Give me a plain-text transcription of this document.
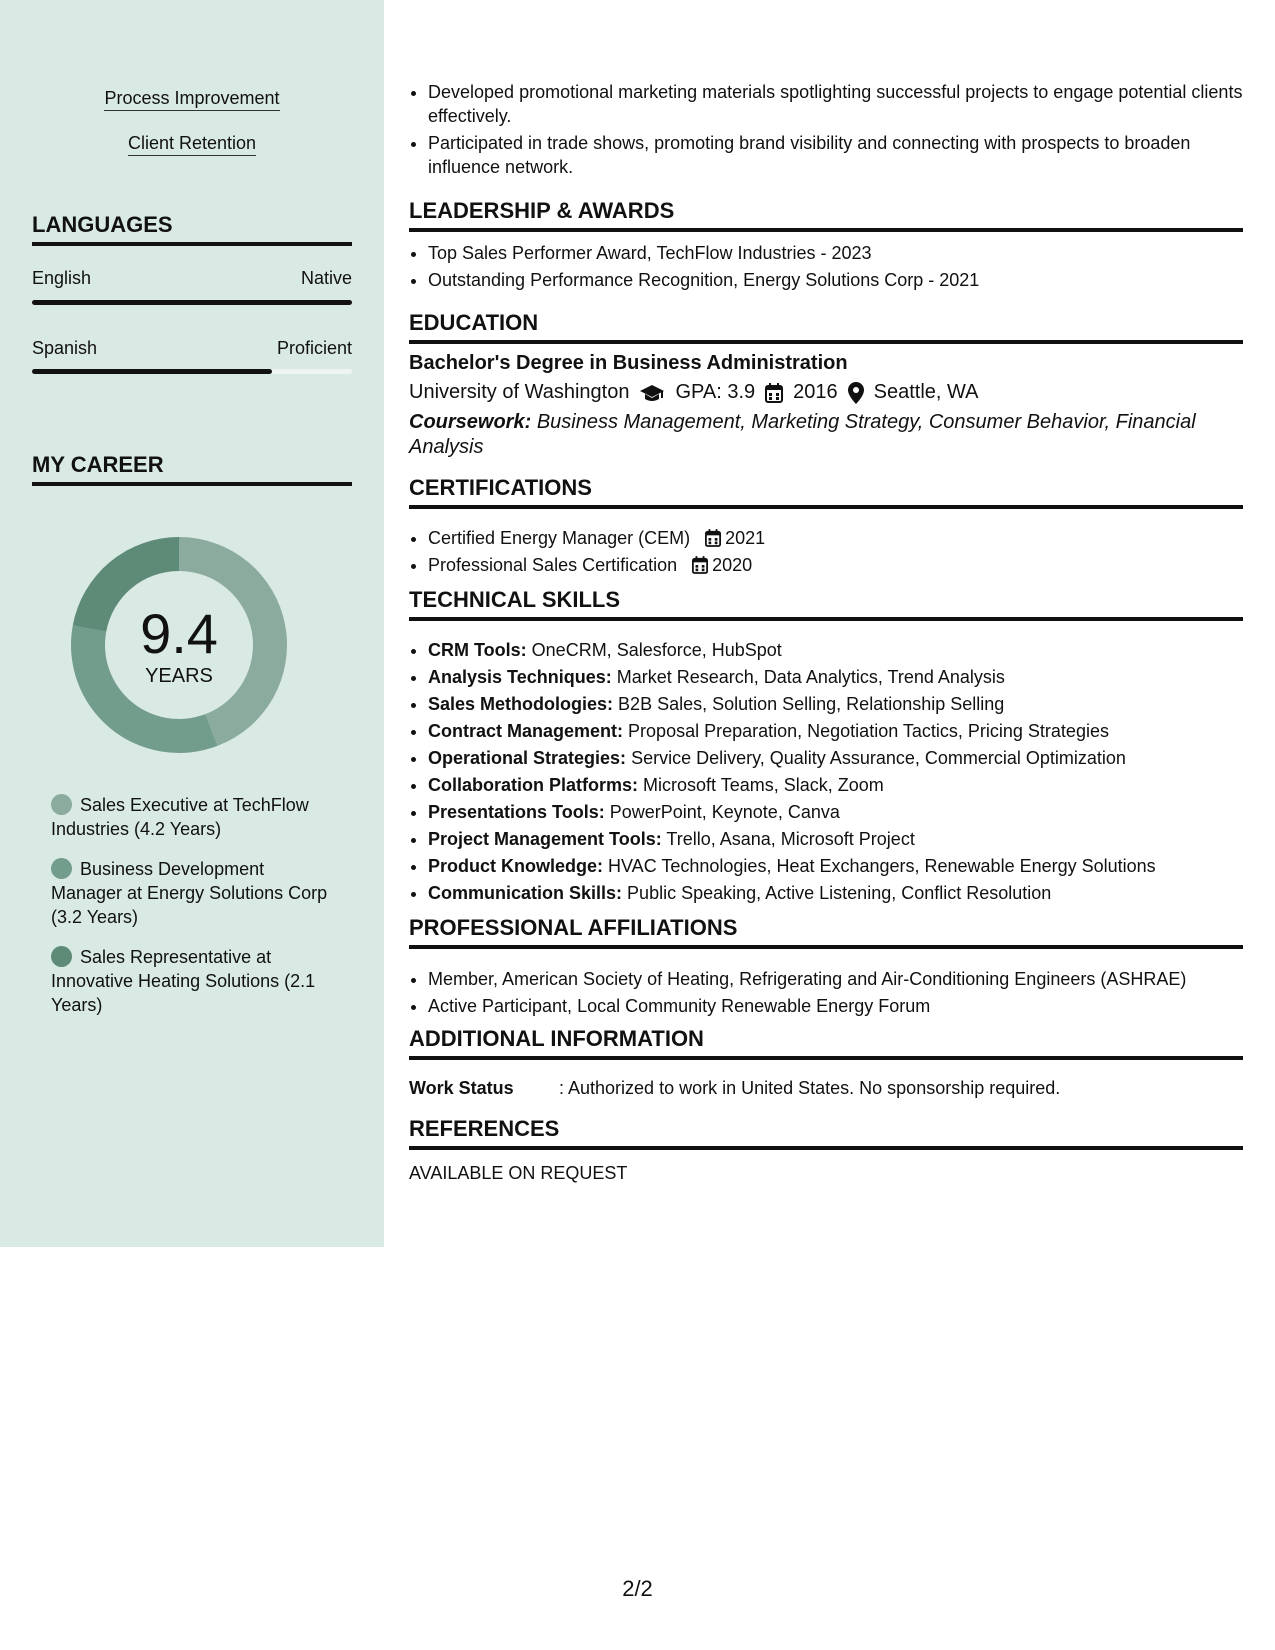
Process Improvement
Client Retention
LANGUAGES
English	Native
Spanish	Proficient
MY CAREER
9.4
YEARS
Sales Executive at TechFlow Industries (4.2 Years)
Business Development Manager at Energy Solutions Corp (3.2 Years)
Sales Representative at Innovative Heating Solutions (2.1 Years)
• Developed promotional marketing materials spotlighting successful projects to engage potential clients effectively.
• Participated in trade shows, promoting brand visibility and connecting with prospects to broaden influence network.
LEADERSHIP & AWARDS
• Top Sales Performer Award, TechFlow Industries - 2023
• Outstanding Performance Recognition, Energy Solutions Corp - 2021
EDUCATION
Bachelor's Degree in Business Administration
University of Washington GPA: 3.9 2016 Seattle, WA
Coursework: Business Management, Marketing Strategy, Consumer Behavior, Financial Analysis
CERTIFICATIONS
• Certified Energy Manager (CEM) 2021
• Professional Sales Certification 2020
TECHNICAL SKILLS
• CRM Tools: OneCRM, Salesforce, HubSpot
• Analysis Techniques: Market Research, Data Analytics, Trend Analysis
• Sales Methodologies: B2B Sales, Solution Selling, Relationship Selling
• Contract Management: Proposal Preparation, Negotiation Tactics, Pricing Strategies
• Operational Strategies: Service Delivery, Quality Assurance, Commercial Optimization
• Collaboration Platforms: Microsoft Teams, Slack, Zoom
• Presentations Tools: PowerPoint, Keynote, Canva
• Project Management Tools: Trello, Asana, Microsoft Project
• Product Knowledge: HVAC Technologies, Heat Exchangers, Renewable Energy Solutions
• Communication Skills: Public Speaking, Active Listening, Conflict Resolution
PROFESSIONAL AFFILIATIONS
• Member, American Society of Heating, Refrigerating and Air-Conditioning Engineers (ASHRAE)
• Active Participant, Local Community Renewable Energy Forum
ADDITIONAL INFORMATION
Work Status	: Authorized to work in United States. No sponsorship required.
REFERENCES
AVAILABLE ON REQUEST
2/2
